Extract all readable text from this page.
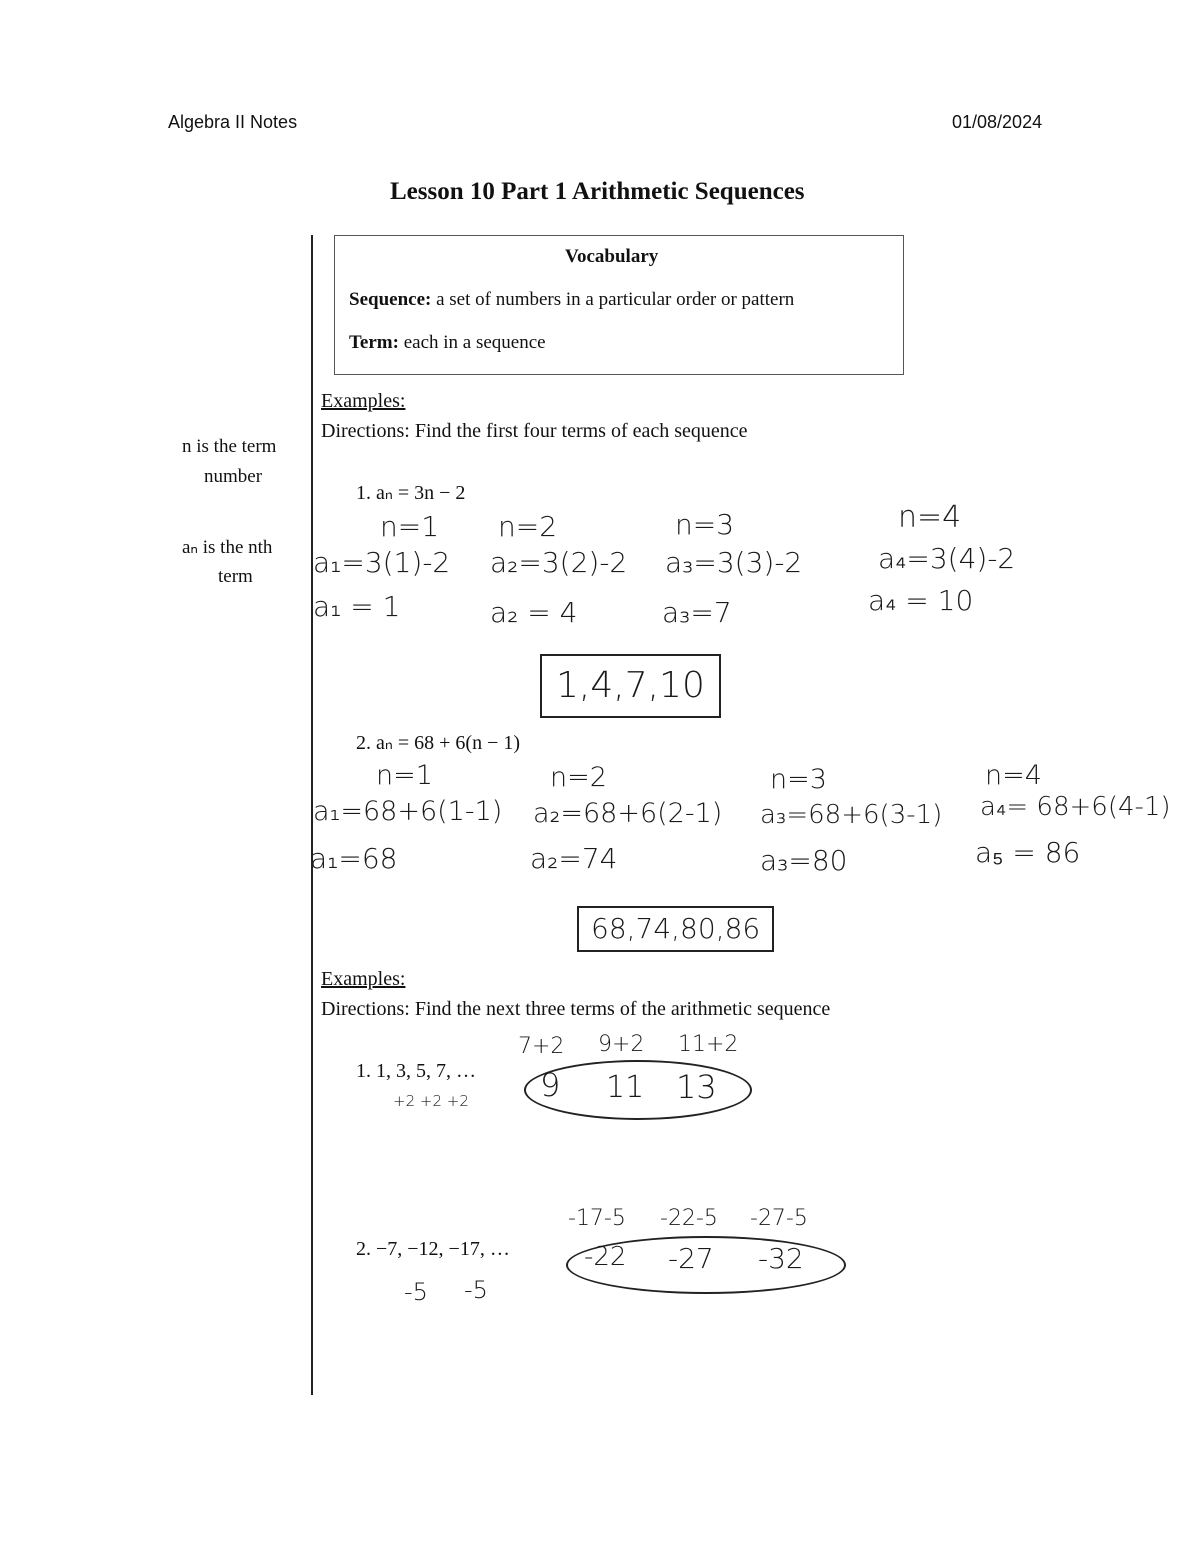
Algebra II Notes	01/08/2024
Lesson 10 Part 1 Arithmetic Sequences
Vocabulary
Sequence: a set of numbers in a particular order or pattern
Term: each in a sequence
n is the term
number
aₙ is the nth
term
Examples:
Directions: Find the first four terms of each sequence
1. aₙ = 3n − 2
n=1 n=2	n=3	n=4
a₁=3(1)-2 a₂=3(2)-2 a₃=3(3)-2	a₄=3(4)-2
a₁ = 1	a₂ = 4	a₃=7	a₄ = 10
1,4,7,10
2. aₙ = 68 + 6(n − 1)
n=1	n=2	n=3	n=4
a₁=68+6(1-1) a₂=68+6(2-1) a₃=68+6(3-1) a₄= 68+6(4-1)
a₁=68	a₂=74	a₃=80	a₅ = 86
68,74,80,86
Examples:
Directions: Find the next three terms of the arithmetic sequence
1. 1, 3, 5, 7, …
+2 +2 +2
7+2 9+2 11+2
9 11 13
2. −7, −12, −17, …
-5 -5
-17-5 -22-5 -27-5
-22 -27 -32
